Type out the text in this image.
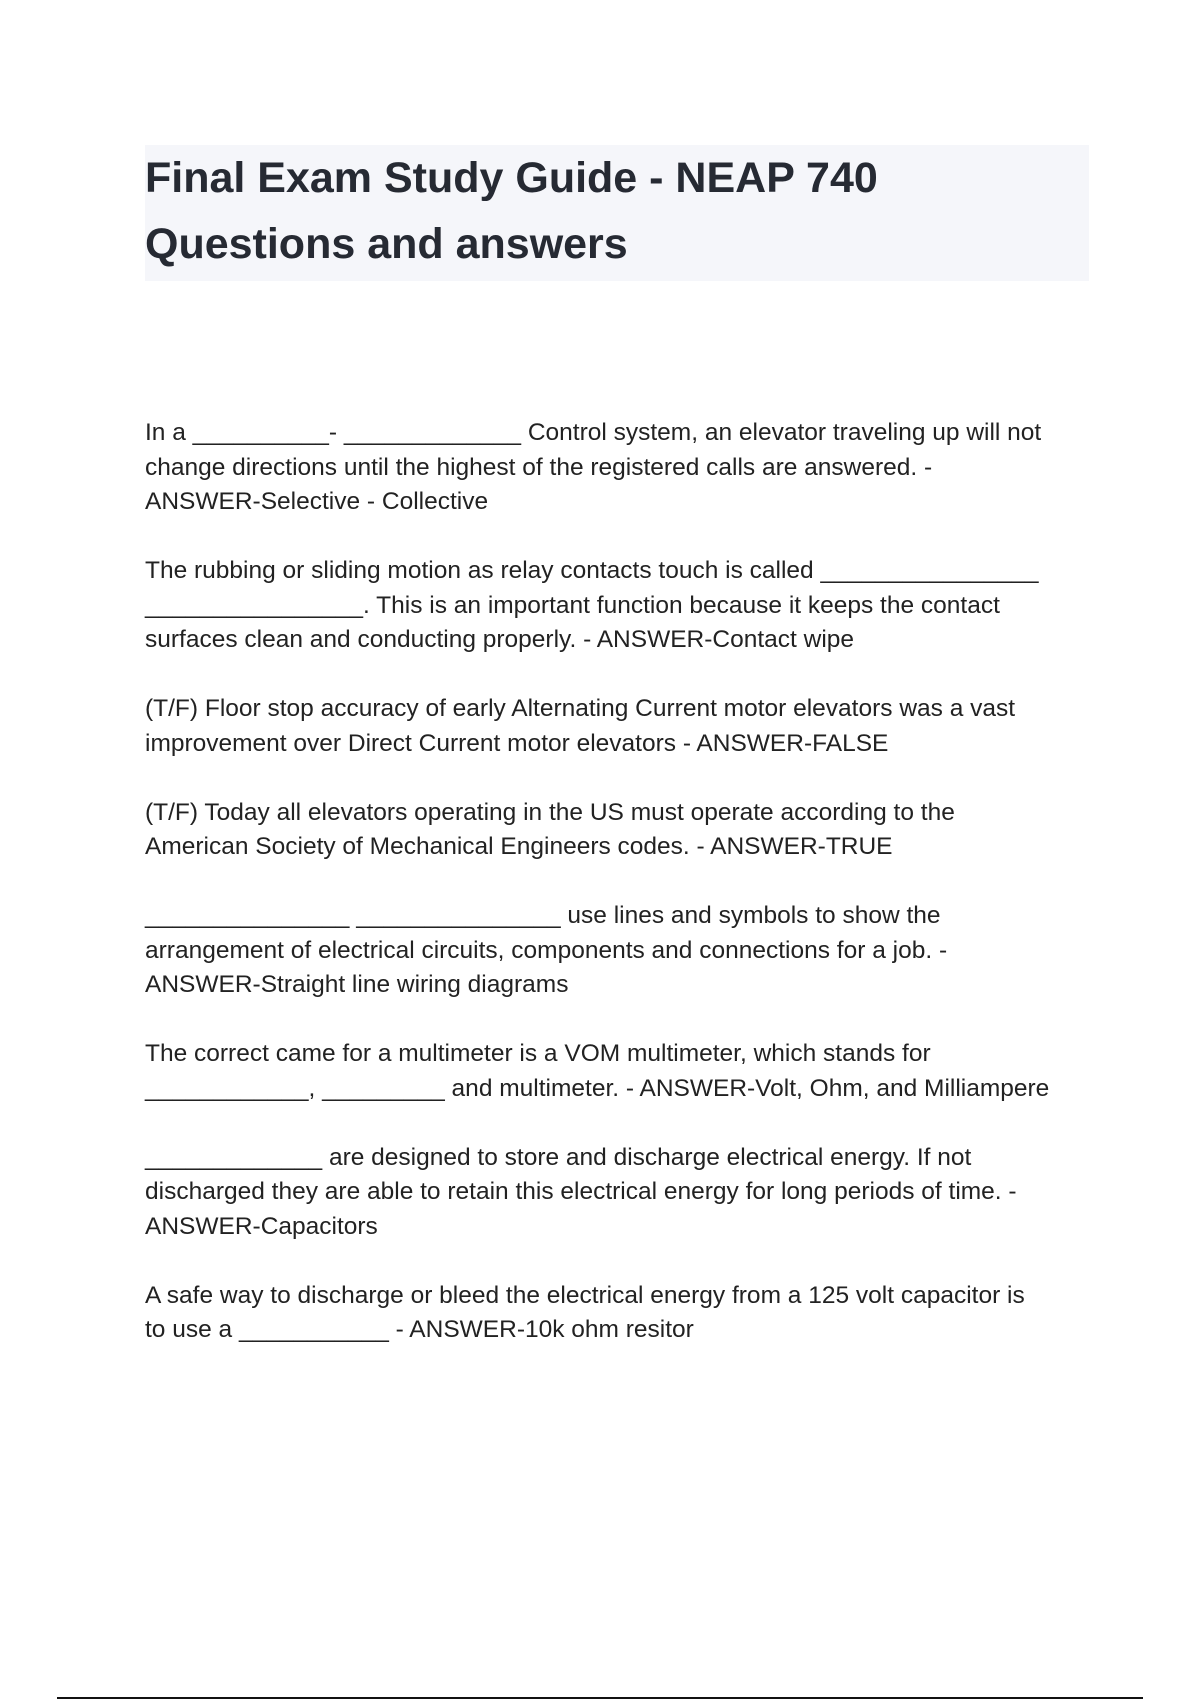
Final Exam Study Guide - NEAP 740
Questions and answers

In a __________- _____________ Control system, an elevator traveling up will not
change directions until the highest of the registered calls are answered. -
ANSWER-Selective - Collective

The rubbing or sliding motion as relay contacts touch is called ________________
________________. This is an important function because it keeps the contact
surfaces clean and conducting properly. - ANSWER-Contact wipe

(T/F) Floor stop accuracy of early Alternating Current motor elevators was a vast
improvement over Direct Current motor elevators - ANSWER-FALSE

(T/F) Today all elevators operating in the US must operate according to the
American Society of Mechanical Engineers codes. - ANSWER-TRUE

_______________ _______________ use lines and symbols to show the
arrangement of electrical circuits, components and connections for a job. -
ANSWER-Straight line wiring diagrams

The correct came for a multimeter is a VOM multimeter, which stands for
____________, _________ and multimeter. - ANSWER-Volt, Ohm, and Milliampere

_____________ are designed to store and discharge electrical energy. If not
discharged they are able to retain this electrical energy for long periods of time. -
ANSWER-Capacitors

A safe way to discharge or bleed the electrical energy from a 125 volt capacitor is
to use a ___________ - ANSWER-10k ohm resitor
